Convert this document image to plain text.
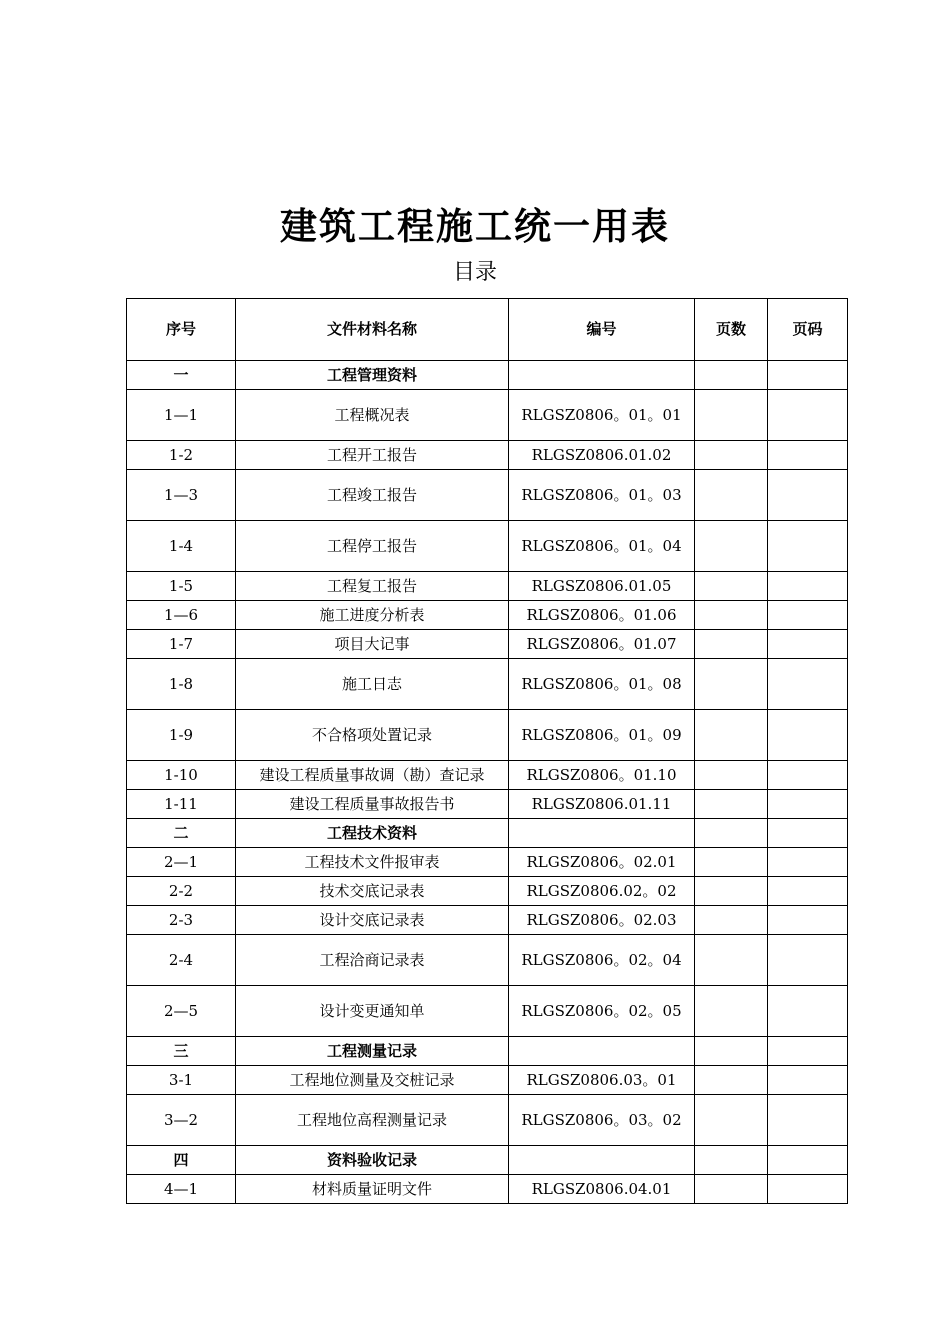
建筑工程施工统一用表
目录
序号	文件材料名称	编号	页数	页码
一	工程管理资料			
1—1	工程概况表	RLGSZ0806。01。01		
1-2	工程开工报告	RLGSZ0806.01.02		
1—3	工程竣工报告	RLGSZ0806。01。03		
1-4	工程停工报告	RLGSZ0806。01。04		
1-5	工程复工报告	RLGSZ0806.01.05		
1—6	施工进度分析表	RLGSZ0806。01.06		
1-7	项目大记事	RLGSZ0806。01.07		
1-8	施工日志	RLGSZ0806。01。08		
1-9	不合格项处置记录	RLGSZ0806。01。09		
1-10	建设工程质量事故调（勘）查记录	RLGSZ0806。01.10		
1-11	建设工程质量事故报告书	RLGSZ0806.01.11		
二	工程技术资料			
2—1	工程技术文件报审表	RLGSZ0806。02.01		
2-2	技术交底记录表	RLGSZ0806.02。02		
2-3	设计交底记录表	RLGSZ0806。02.03		
2-4	工程洽商记录表	RLGSZ0806。02。04		
2—5	设计变更通知单	RLGSZ0806。02。05		
三	工程测量记录			
3-1	工程地位测量及交桩记录	RLGSZ0806.03。01		
3—2	工程地位高程测量记录	RLGSZ0806。03。02		
四	资料验收记录			
4—1	材料质量证明文件	RLGSZ0806.04.01		
